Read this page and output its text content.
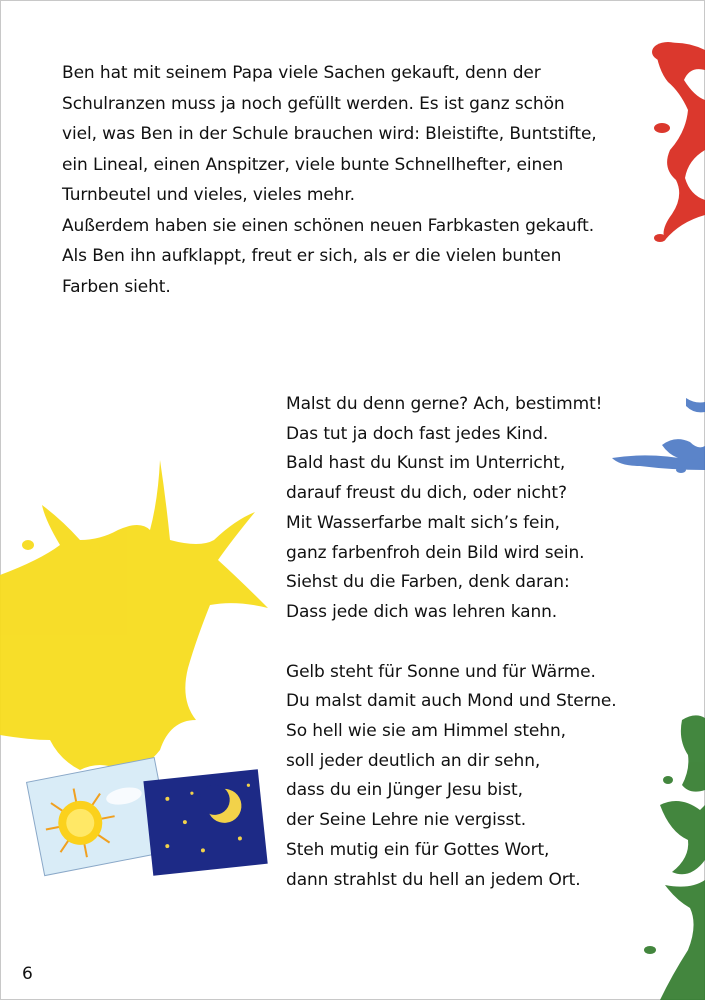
Ben hat mit seinem Papa viele Sachen gekauft, denn der
Schulranzen muss ja noch gefüllt werden. Es ist ganz schön
viel, was Ben in der Schule brauchen wird: Bleistifte, Buntstifte,
ein Lineal, einen Anspitzer, viele bunte Schnellhefter, einen
Turnbeutel und vieles, vieles mehr.
Außerdem haben sie einen schönen neuen Farbkasten gekauft.
Als Ben ihn aufklappt, freut er sich, als er die vielen bunten
Farben sieht.
Malst du denn gerne? Ach, bestimmt!
Das tut ja doch fast jedes Kind.
Bald hast du Kunst im Unterricht,
darauf freust du dich, oder nicht?
Mit Wasserfarbe malt sich’s fein,
ganz farbenfroh dein Bild wird sein.
Siehst du die Farben, denk daran:
Dass jede dich was lehren kann.
Gelb steht für Sonne und für Wärme.
Du malst damit auch Mond und Sterne.
So hell wie sie am Himmel stehn,
soll jeder deutlich an dir sehn,
dass du ein Jünger Jesu bist,
der Seine Lehre nie vergisst.
Steh mutig ein für Gottes Wort,
dann strahlst du hell an jedem Ort.
6
